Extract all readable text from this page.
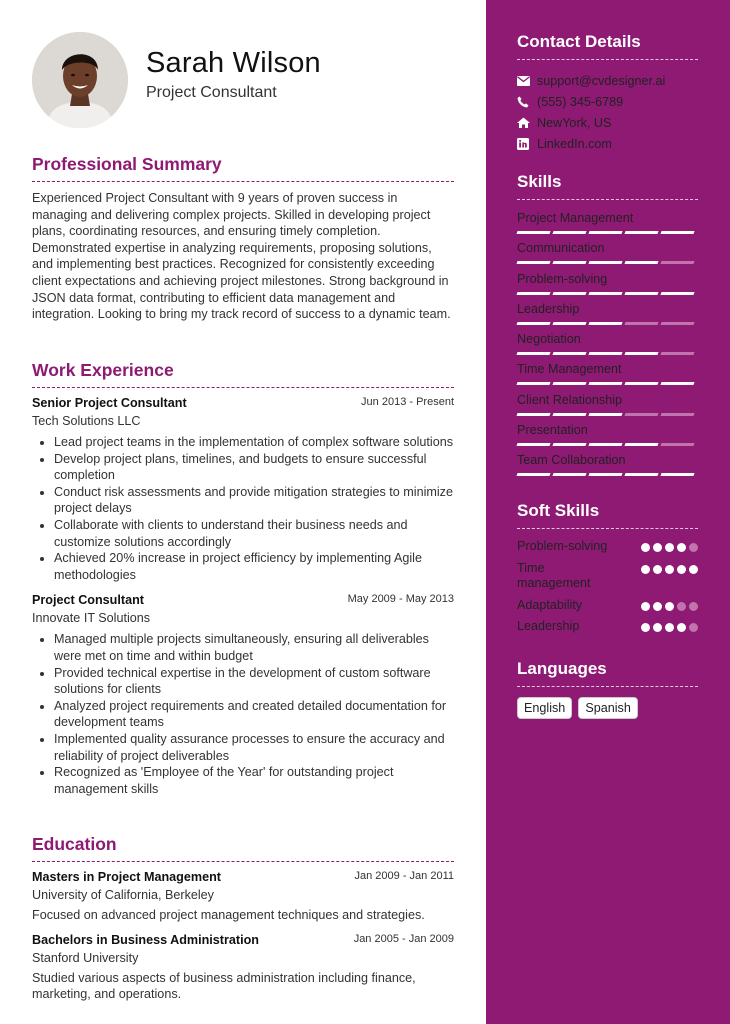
Sarah Wilson
Project Consultant
Professional Summary
Experienced Project Consultant with 9 years of proven success in managing and delivering complex projects. Skilled in developing project plans, coordinating resources, and ensuring timely completion. Demonstrated expertise in analyzing requirements, proposing solutions, and implementing best practices. Recognized for consistently exceeding client expectations and achieving project milestones. Strong background in JSON data format, contributing to efficient data management and integration. Looking to bring my track record of success to a dynamic team.
Work Experience
Senior Project Consultant	Jun 2013 - Present
Tech Solutions LLC
• Lead project teams in the implementation of complex software solutions
• Develop project plans, timelines, and budgets to ensure successful completion
• Conduct risk assessments and provide mitigation strategies to minimize project delays
• Collaborate with clients to understand their business needs and customize solutions accordingly
• Achieved 20% increase in project efficiency by implementing Agile methodologies
Project Consultant	May 2009 - May 2013
Innovate IT Solutions
• Managed multiple projects simultaneously, ensuring all deliverables were met on time and within budget
• Provided technical expertise in the development of custom software solutions for clients
• Analyzed project requirements and created detailed documentation for development teams
• Implemented quality assurance processes to ensure the accuracy and reliability of project deliverables
• Recognized as 'Employee of the Year' for outstanding project management skills
Education
Masters in Project Management	Jan 2009 - Jan 2011
University of California, Berkeley
Focused on advanced project management techniques and strategies.
Bachelors in Business Administration	Jan 2005 - Jan 2009
Stanford University
Studied various aspects of business administration including finance, marketing, and operations.
Contact Details
support@cvdesigner.ai
(555) 345-6789
NewYork, US
LinkedIn.com
Skills
Project Management
Communication
Problem-solving
Leadership
Negotiation
Time Management
Client Relationship
Presentation
Team Collaboration
Soft Skills
Problem-solving
Time management
Adaptability
Leadership
Languages
English	Spanish
